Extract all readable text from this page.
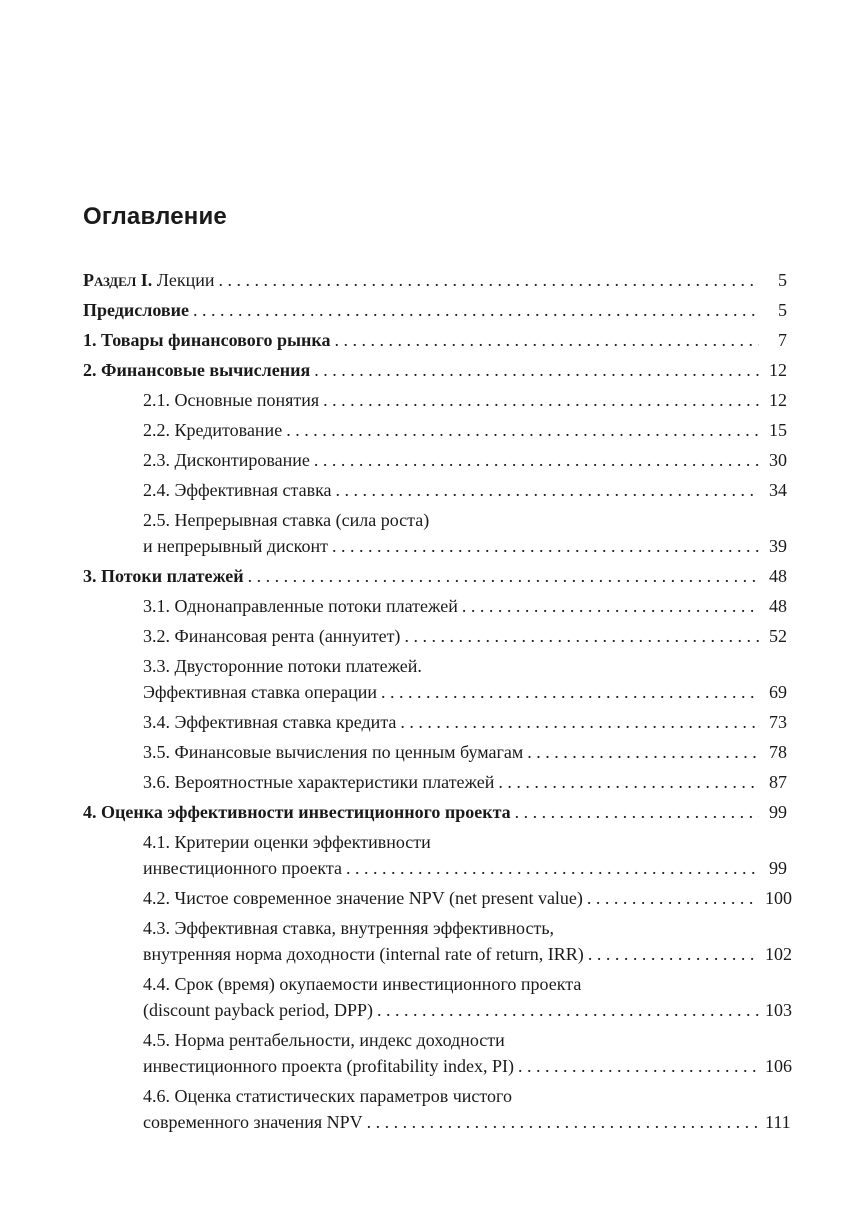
Оглавление
Раздел I. Лекции . . .	5
Предисловие . . .	5
1. Товары финансового рынка . . .	7
2. Финансовые вычисления . . .	12
2.1. Основные понятия . . .	12
2.2. Кредитование . . .	15
2.3. Дисконтирование . . .	30
2.4. Эффективная ставка . . .	34
2.5. Непрерывная ставка (сила роста)
и непрерывный дисконт . . .	39
3. Потоки платежей . . .	48
3.1. Однонаправленные потоки платежей . . .	48
3.2. Финансовая рента (аннуитет) . . .	52
3.3. Двусторонние потоки платежей.
Эффективная ставка операции . . .	69
3.4. Эффективная ставка кредита . . .	73
3.5. Финансовые вычисления по ценным бумагам . . .	78
3.6. Вероятностные характеристики платежей . . .	87
4. Оценка эффективности инвестиционного проекта . . .	99
4.1. Критерии оценки эффективности
инвестиционного проекта . . .	99
4.2. Чистое современное значение NPV (net present value) . . .	100
4.3. Эффективная ставка, внутренняя эффективность,
внутренняя норма доходности (internal rate of return, IRR) . . .	102
4.4. Срок (время) окупаемости инвестиционного проекта
(discount payback period, DPP) . . .	103
4.5. Норма рентабельности, индекс доходности
инвестиционного проекта (profitability index, PI) . . .	106
4.6. Оценка статистических параметров чистого
современного значения NPV . . .	111
